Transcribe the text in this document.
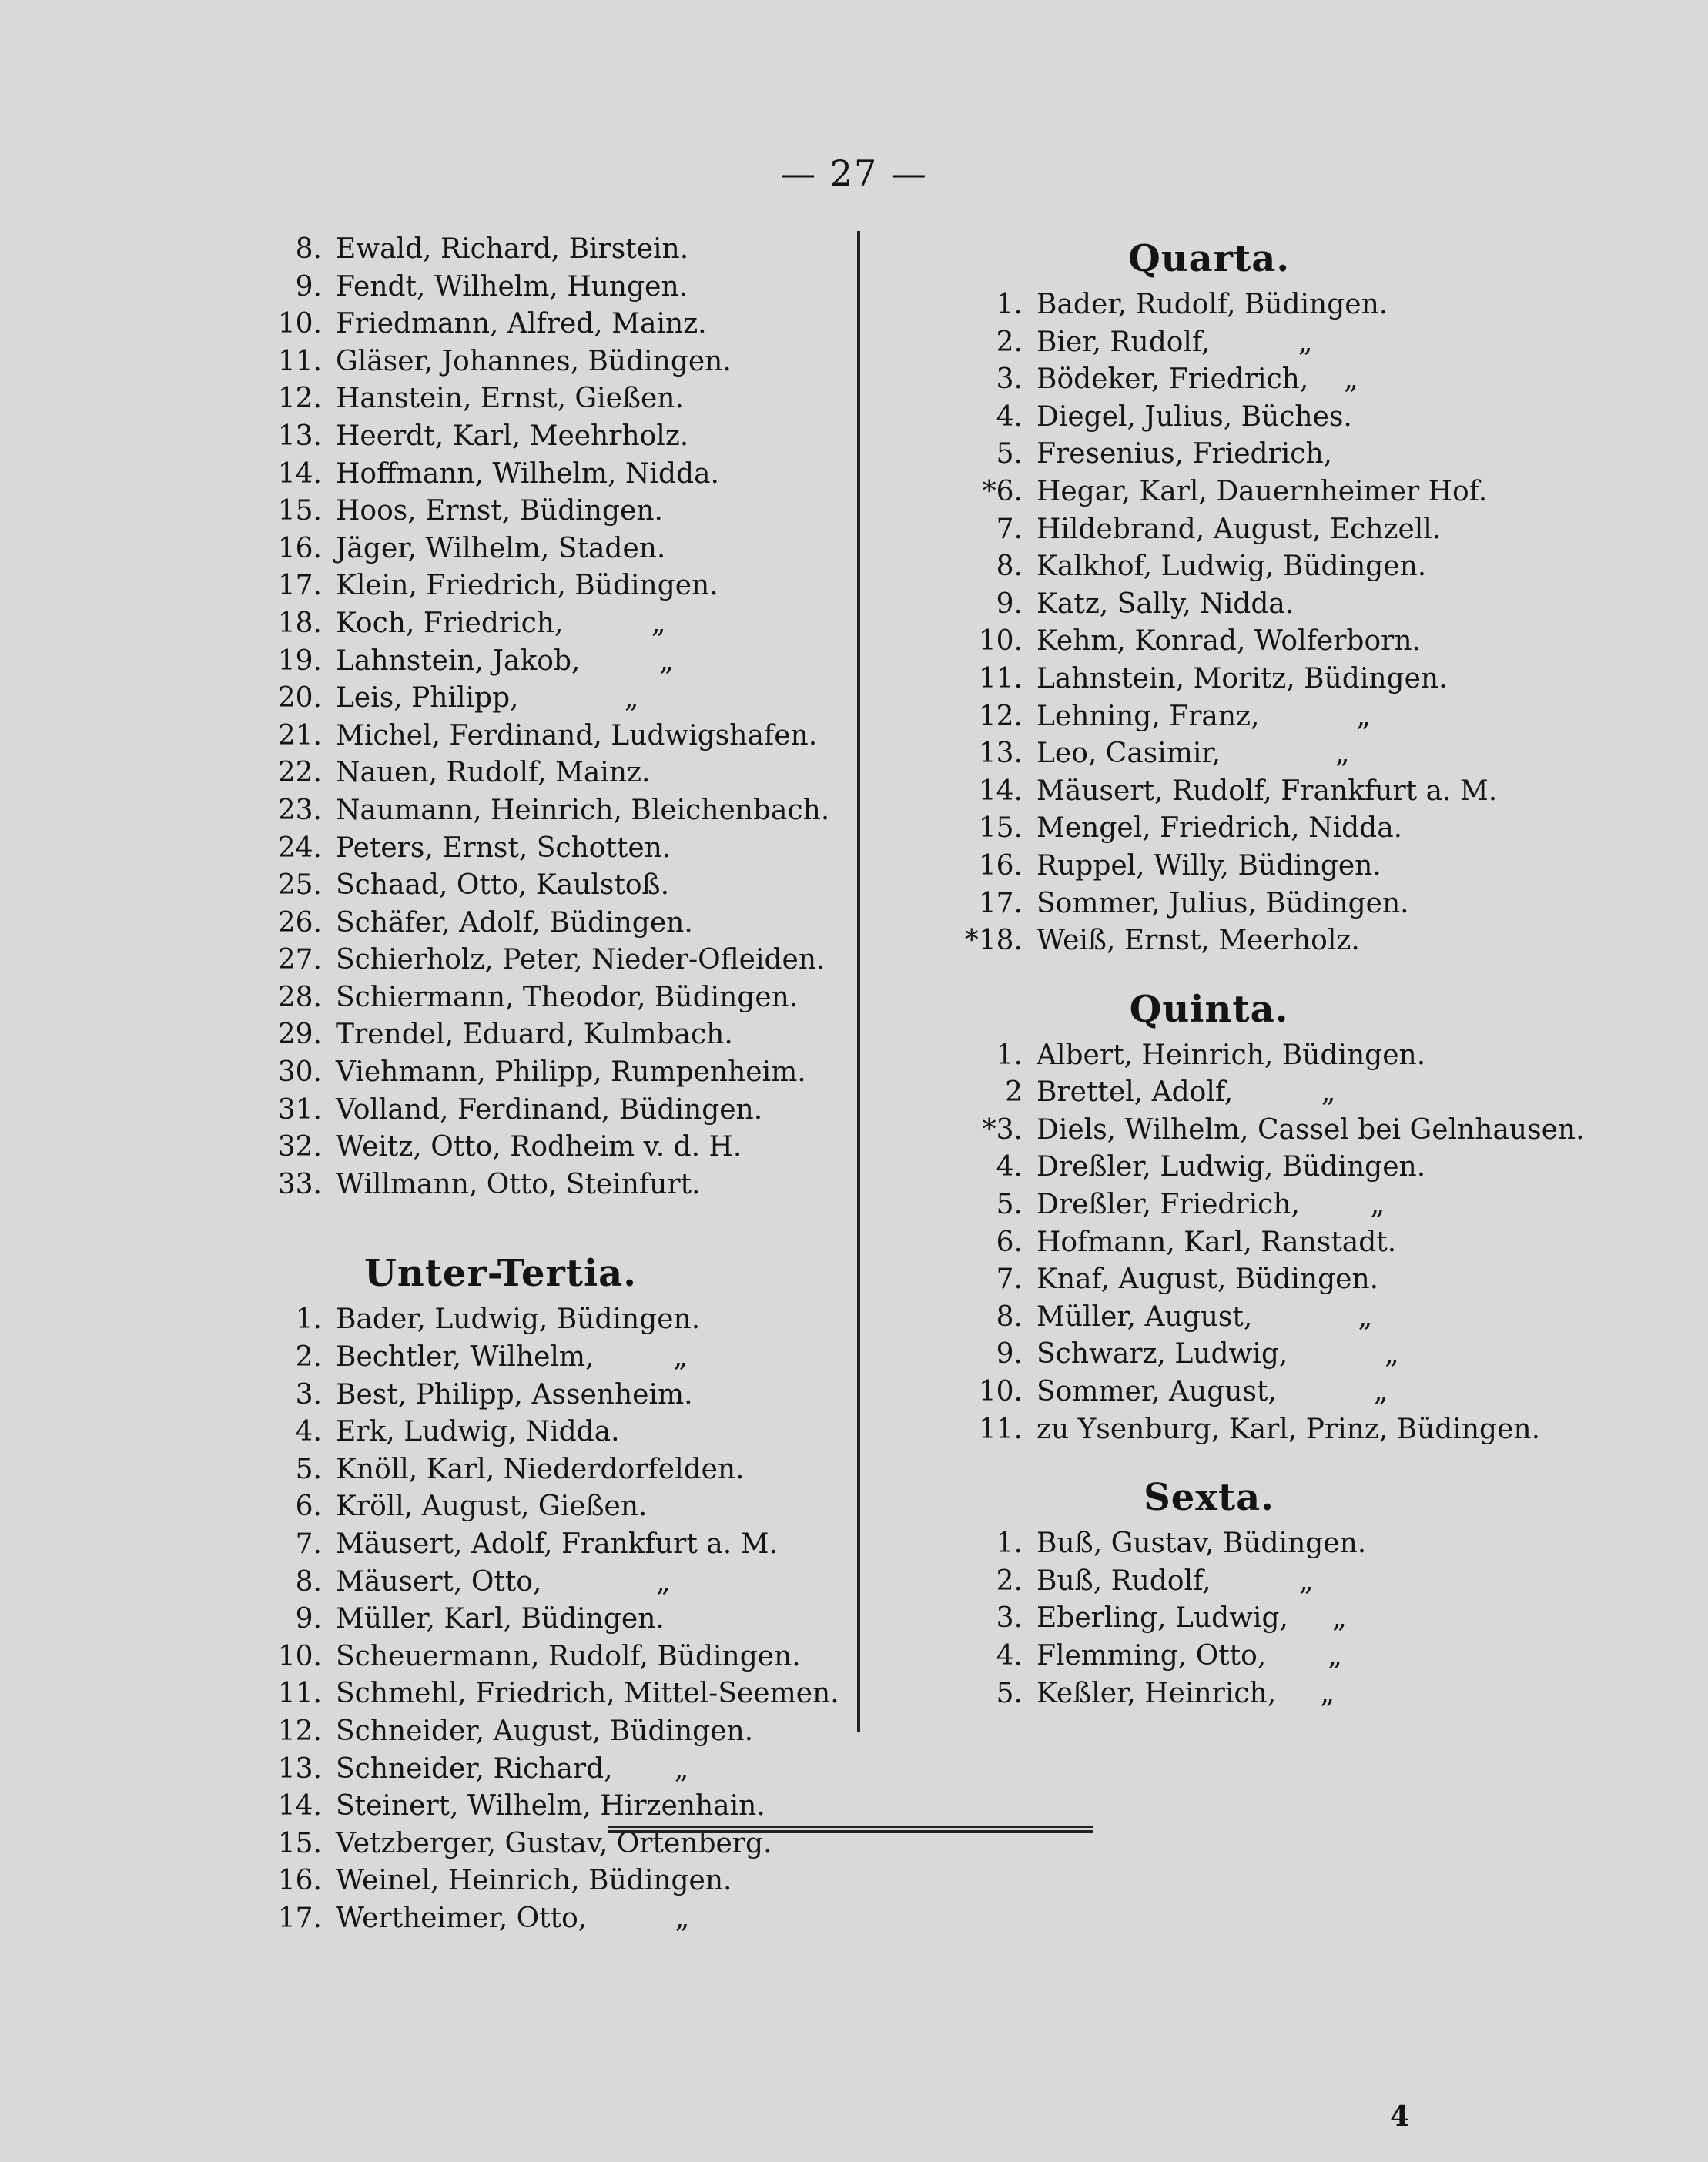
— 27 —
8. Ewald, Richard, Birstein.
9. Fendt, Wilhelm, Hungen.
10. Friedmann, Alfred, Mainz.
11. Gläser, Johannes, Büdingen.
12. Hanstein, Ernst, Gießen.
13. Heerdt, Karl, Meehrholz.
14. Hoffmann, Wilhelm, Nidda.
15. Hoos, Ernst, Büdingen.
16. Jäger, Wilhelm, Staden.
17. Klein, Friedrich, Büdingen.
18. Koch, Friedrich,          „
19. Lahnstein, Jakob,         „
20. Leis, Philipp,            „
21. Michel, Ferdinand, Ludwigshafen.
22. Nauen, Rudolf, Mainz.
23. Naumann, Heinrich, Bleichenbach.
24. Peters, Ernst, Schotten.
25. Schaad, Otto, Kaulstoß.
26. Schäfer, Adolf, Büdingen.
27. Schierholz, Peter, Nieder-Ofleiden.
28. Schiermann, Theodor, Büdingen.
29. Trendel, Eduard, Kulmbach.
30. Viehmann, Philipp, Rumpenheim.
31. Volland, Ferdinand, Büdingen.
32. Weitz, Otto, Rodheim v. d. H.
33. Willmann, Otto, Steinfurt.
Unter-Tertia.
1. Bader, Ludwig, Büdingen.
2. Bechtler, Wilhelm,         „
3. Best, Philipp, Assenheim.
4. Erk, Ludwig, Nidda.
5. Knöll, Karl, Niederdorfelden.
6. Kröll, August, Gießen.
7. Mäusert, Adolf, Frankfurt a. M.
8. Mäusert, Otto,             „
9. Müller, Karl, Büdingen.
10. Scheuermann, Rudolf, Büdingen.
11. Schmehl, Friedrich, Mittel-Seemen.
12. Schneider, August, Büdingen.
13. Schneider, Richard,       „
14. Steinert, Wilhelm, Hirzenhain.
15. Vetzberger, Gustav, Ortenberg.
16. Weinel, Heinrich, Büdingen.
17. Wertheimer, Otto,          „
Quarta.
1. Bader, Rudolf, Büdingen.
2. Bier, Rudolf,          „
3. Bödeker, Friedrich,    „
4. Diegel, Julius, Büches.
5. Fresenius, Friedrich,
*6. Hegar, Karl, Dauernheimer Hof.
7. Hildebrand, August, Echzell.
8. Kalkhof, Ludwig, Büdingen.
9. Katz, Sally, Nidda.
10. Kehm, Konrad, Wolferborn.
11. Lahnstein, Moritz, Büdingen.
12. Lehning, Franz,           „
13. Leo, Casimir,             „
14. Mäusert, Rudolf, Frankfurt a. M.
15. Mengel, Friedrich, Nidda.
16. Ruppel, Willy, Büdingen.
17. Sommer, Julius, Büdingen.
*18. Weiß, Ernst, Meerholz.
Quinta.
1. Albert, Heinrich, Büdingen.
2 Brettel, Adolf,          „
*3. Diels, Wilhelm, Cassel bei Gelnhausen.
4. Dreßler, Ludwig, Büdingen.
5. Dreßler, Friedrich,        „
6. Hofmann, Karl, Ranstadt.
7. Knaf, August, Büdingen.
8. Müller, August,            „
9. Schwarz, Ludwig,           „
10. Sommer, August,           „
11. zu Ysenburg, Karl, Prinz, Büdingen.
Sexta.
1. Buß, Gustav, Büdingen.
2. Buß, Rudolf,          „
3. Eberling, Ludwig,     „
4. Flemming, Otto,       „
5. Keßler, Heinrich,     „
4
